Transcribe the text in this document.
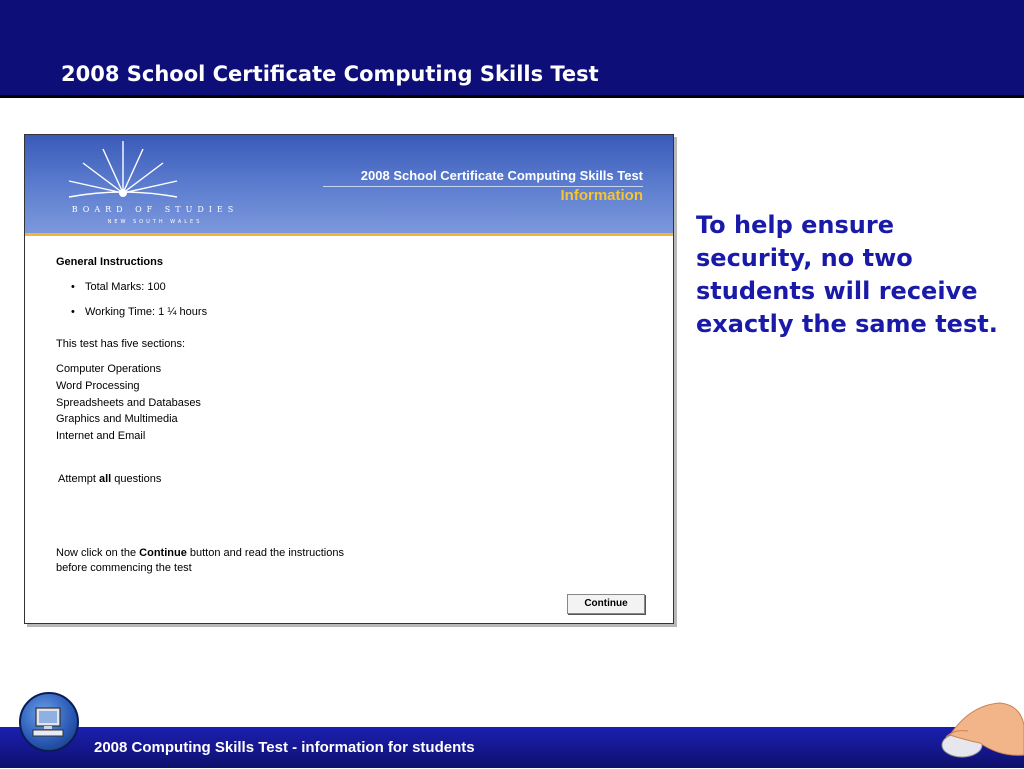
2008 School Certificate Computing Skills Test
BOARD OF STUDIES
NEW SOUTH WALES
2008 School Certificate Computing Skills Test
Information
General Instructions
• Total Marks: 100
• Working Time: 1 ¼ hours
This test has five sections:
Computer Operations
Word Processing
Spreadsheets and Databases
Graphics and Multimedia
Internet and Email
Attempt all questions
Now click on the Continue button and read the instructions
before commencing the test
Continue
To help ensure security, no two students will receive exactly the same test.
2008 Computing Skills Test - information for students
